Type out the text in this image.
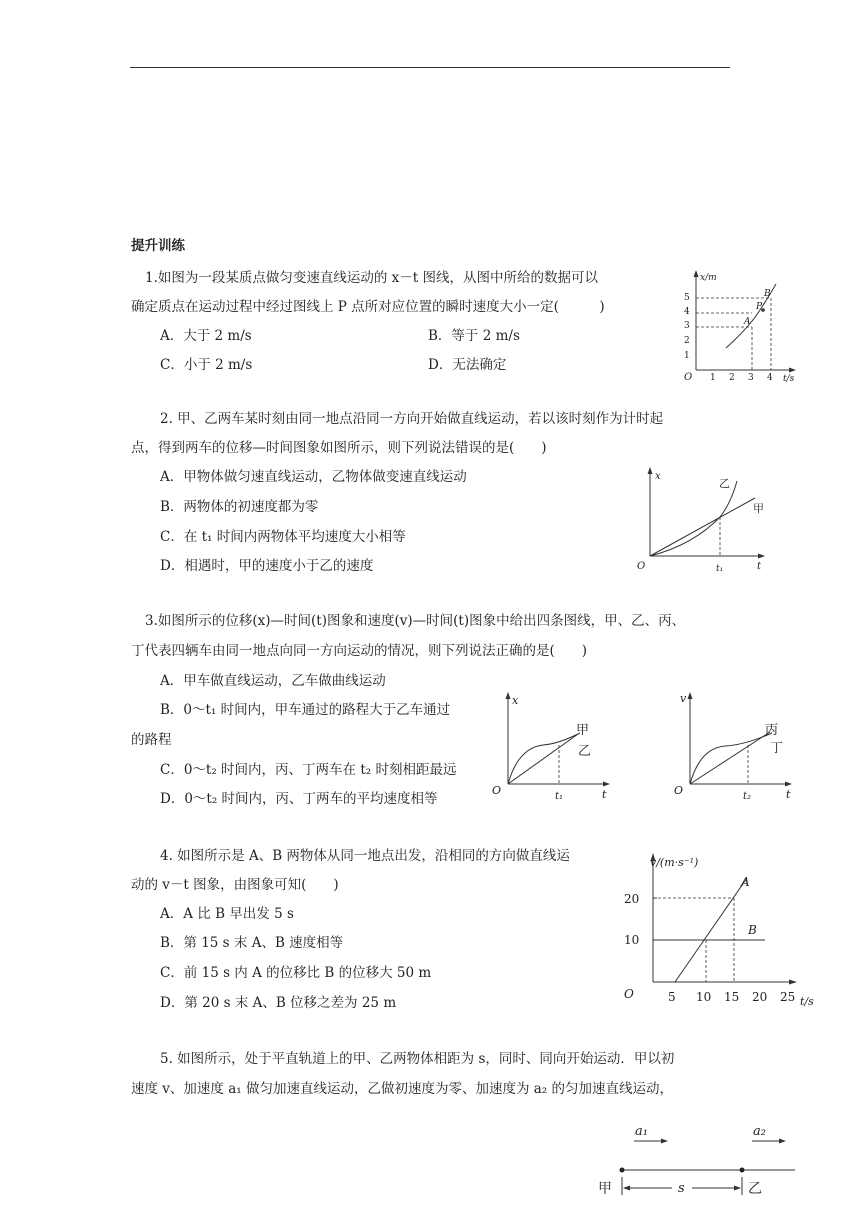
提升训练
1.如图为一段某质点做匀变速直线运动的 x－t 图线，从图中所给的数据可以
确定质点在运动过程中经过图线上 P 点所对应位置的瞬时速度大小一定(　　　)
A．大于 2 m/s	B．等于 2 m/s
C．小于 2 m/s	D．无法确定
x/m
t/s
O 1 2 3 4
1
2
3
4
5
A
P
B
2. 甲、乙两车某时刻由同一地点沿同一方向开始做直线运动，若以该时刻作为计时起
点，得到两车的位移—时间图象如图所示，则下列说法错误的是(　　)
A．甲物体做匀速直线运动，乙物体做变速直线运动
B．两物体的初速度都为零
C．在 t₁ 时间内两物体平均速度大小相等
D．相遇时，甲的速度小于乙的速度
x
t
O	t₁
乙
甲
3.如图所示的位移(x)—时间(t)图象和速度(v)—时间(t)图象中给出四条图线，甲、乙、丙、
丁代表四辆车由同一地点向同一方向运动的情况，则下列说法正确的是(　　)
A．甲车做直线运动，乙车做曲线运动
B．0～t₁ 时间内，甲车通过的路程大于乙车通过
的路程
C．0～t₂ 时间内，丙、丁两车在 t₂ 时刻相距最远
D．0～t₂ 时间内，丙、丁两车的平均速度相等
x
t
O	t₁
甲
乙
v
t
O	t₂
丙
丁
4. 如图所示是 A、B 两物体从同一地点出发，沿相同的方向做直线运
动的 v－t 图象，由图象可知(　　)
A．A 比 B 早出发 5 s
B．第 15 s 末 A、B 速度相等
C．前 15 s 内 A 的位移比 B 的位移大 50 m
D．第 20 s 末 A、B 位移之差为 25 m
v/(m·s⁻¹)
t/s
O
20
10
5 10 15 20 25
A
B
5. 如图所示，处于平直轨道上的甲、乙两物体相距为 s，同时、同向开始运动．甲以初
速度 v、加速度 a₁ 做匀加速直线运动，乙做初速度为零、加速度为 a₂ 的匀加速直线运动，
a₁	a₂
s
甲	乙
